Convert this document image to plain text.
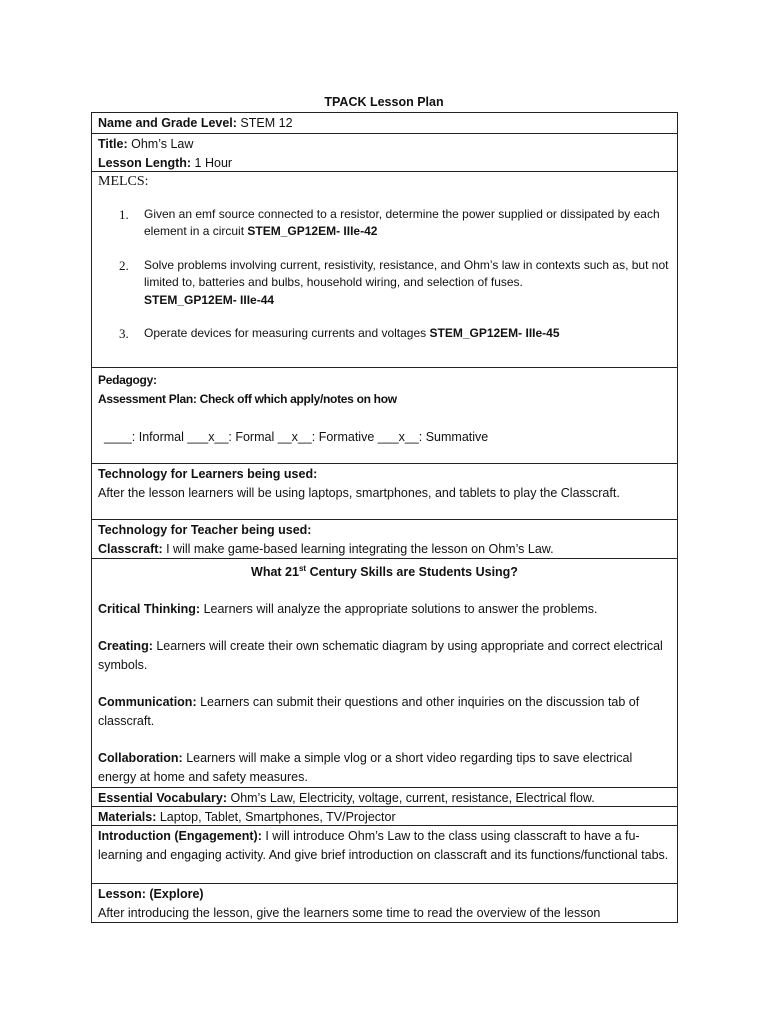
TPACK Lesson Plan
Name and Grade Level: STEM 12
Title: Ohm’s Law
Lesson Length: 1 Hour
MELCS:
1. Given an emf source connected to a resistor, determine the power supplied or dissipated by each element in a circuit STEM_GP12EM- IIIe-42
2. Solve problems involving current, resistivity, resistance, and Ohm’s law in contexts such as, but not limited to, batteries and bulbs, household wiring, and selection of fuses.
STEM_GP12EM- IIIe-44
3. Operate devices for measuring currents and voltages STEM_GP12EM- IIIe-45
Pedagogy:
Assessment Plan: Check off which apply/notes on how
____: Informal ___x__: Formal __x__: Formative ___x__: Summative
Technology for Learners being used:
After the lesson learners will be using laptops, smartphones, and tablets to play the Classcraft.
Technology for Teacher being used:
Classcraft: I will make game-based learning integrating the lesson on Ohm’s Law.
What 21st Century Skills are Students Using?
Critical Thinking: Learners will analyze the appropriate solutions to answer the problems.
Creating: Learners will create their own schematic diagram by using appropriate and correct electrical symbols.
Communication: Learners can submit their questions and other inquiries on the discussion tab of classcraft.
Collaboration: Learners will make a simple vlog or a short video regarding tips to save electrical energy at home and safety measures.
Essential Vocabulary: Ohm’s Law, Electricity, voltage, current, resistance, Electrical flow.
Materials: Laptop, Tablet, Smartphones, TV/Projector
Introduction (Engagement): I will introduce Ohm’s Law to the class using classcraft to have a fu-learning and engaging activity. And give brief introduction on classcraft and its functions/functional tabs.
Lesson: (Explore)
After introducing the lesson, give the learners some time to read the overview of the lesson
